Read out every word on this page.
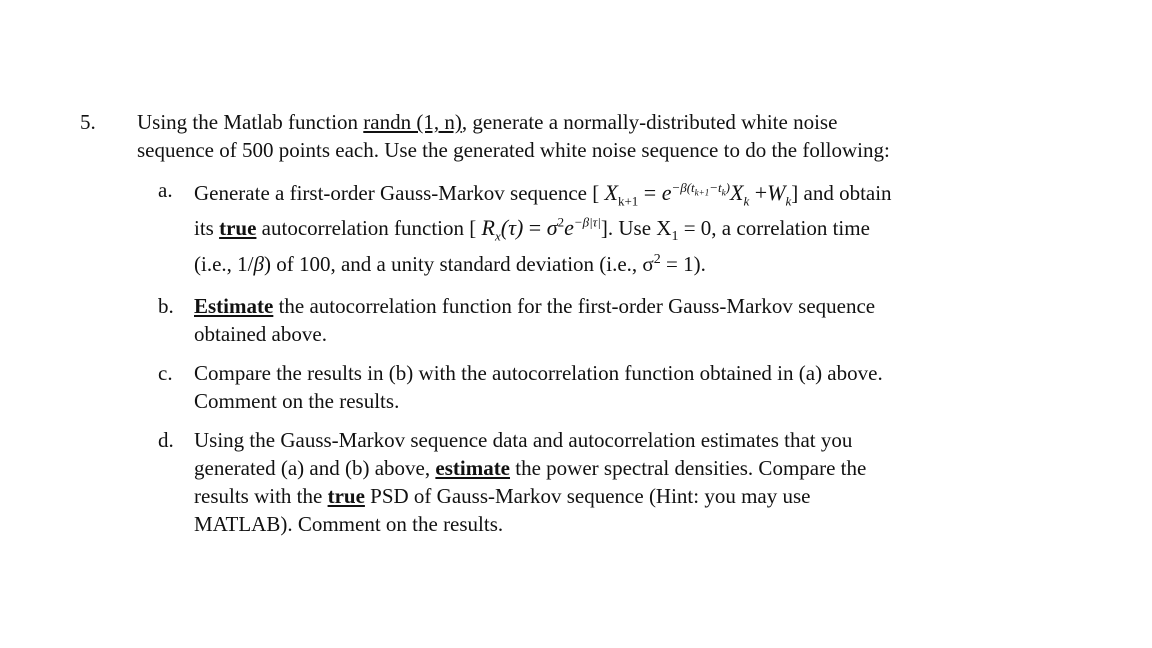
5. Using the Matlab function randn (1, n), generate a normally-distributed white noise
sequence of 500 points each. Use the generated white noise sequence to do the following:
a. Generate a first-order Gauss-Markov sequence [ $X_{k+1} = e^{-\beta(t_{k+1}-t_k)}X_k +W_k$] and obtain
its true autocorrelation function [ $R_x(\tau) = \sigma^2e^{-\beta|\tau|}$]. Use $X_1 = 0$, a correlation time
(i.e., 1/β) of 100, and a unity standard deviation (i.e., $\sigma^2 = 1$).
b. Estimate the autocorrelation function for the first-order Gauss-Markov sequence
obtained above.
c. Compare the results in (b) with the autocorrelation function obtained in (a) above.
Comment on the results.
d. Using the Gauss-Markov sequence data and autocorrelation estimates that you
generated (a) and (b) above, estimate the power spectral densities. Compare the
results with the true PSD of Gauss-Markov sequence (Hint: you may use
MATLAB). Comment on the results.
